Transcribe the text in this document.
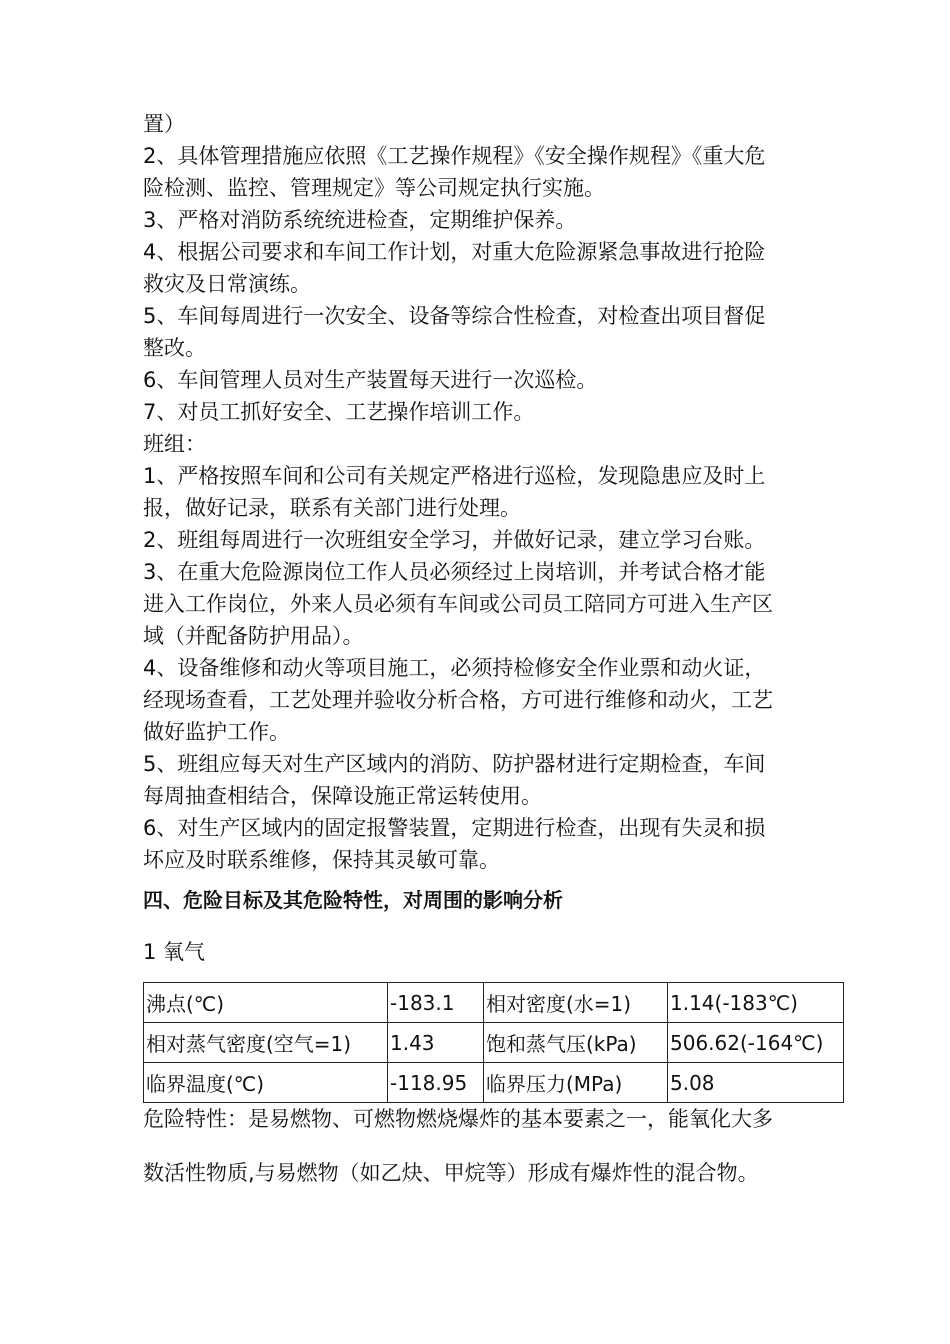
置）
2、具体管理措施应依照《工艺操作规程》《安全操作规程》《重大危
险检测、监控、管理规定》等公司规定执行实施。
3、严格对消防系统统进检查，定期维护保养。
4、根据公司要求和车间工作计划，对重大危险源紧急事故进行抢险
救灾及日常演练。
5、车间每周进行一次安全、设备等综合性检查，对检查出项目督促
整改。
6、车间管理人员对生产装置每天进行一次巡检。
7、对员工抓好安全、工艺操作培训工作。
班组：
1、严格按照车间和公司有关规定严格进行巡检，发现隐患应及时上
报，做好记录，联系有关部门进行处理。
2、班组每周进行一次班组安全学习，并做好记录，建立学习台账。
3、在重大危险源岗位工作人员必须经过上岗培训，并考试合格才能
进入工作岗位，外来人员必须有车间或公司员工陪同方可进入生产区
域（并配备防护用品）。
4、设备维修和动火等项目施工，必须持检修安全作业票和动火证，
经现场查看，工艺处理并验收分析合格，方可进行维修和动火，工艺
做好监护工作。
5、班组应每天对生产区域内的消防、防护器材进行定期检查，车间
每周抽查相结合，保障设施正常运转使用。
6、对生产区域内的固定报警装置，定期进行检查，出现有失灵和损
坏应及时联系维修，保持其灵敏可靠。
四、危险目标及其危险特性，对周围的影响分析
1 氧气
沸点(℃)	-183.1	相对密度(水=1)	1.14(-183℃)
相对蒸气密度(空气=1)	1.43	饱和蒸气压(kPa)	506.62(-164℃)
临界温度(℃)	-118.95	临界压力(MPa)	5.08
危险特性：是易燃物、可燃物燃烧爆炸的基本要素之一，能氧化大多
数活性物质,与易燃物（如乙炔、甲烷等）形成有爆炸性的混合物。
